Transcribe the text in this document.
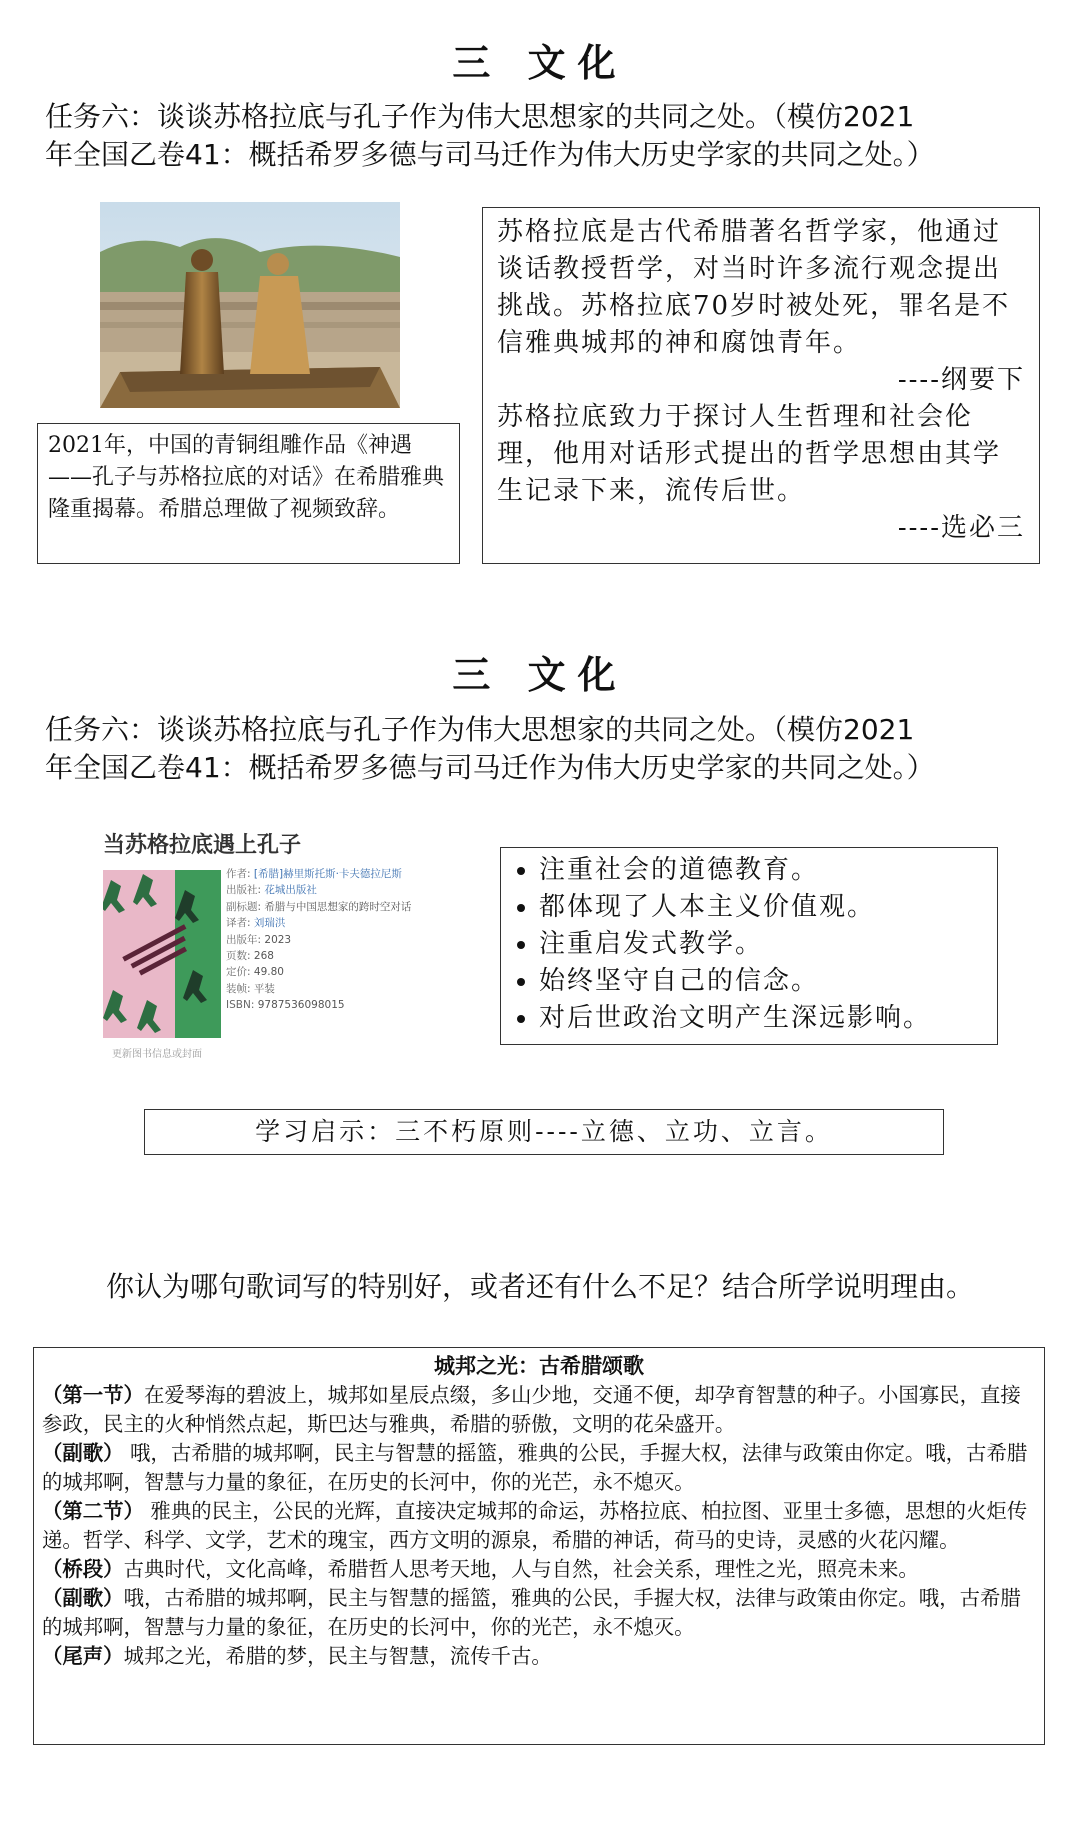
三 文化
任务六：谈谈苏格拉底与孔子作为伟大思想家的共同之处。（模仿2021
年全国乙卷41：概括希罗多德与司马迁作为伟大历史学家的共同之处。）
2021年，中国的青铜组雕作品《神遇——孔子与苏格拉底的对话》在希腊雅典隆重揭幕。希腊总理做了视频致辞。
苏格拉底是古代希腊著名哲学家，他通过谈话教授哲学，对当时许多流行观念提出挑战。苏格拉底70岁时被处死，罪名是不信雅典城邦的神和腐蚀青年。
----纲要下
苏格拉底致力于探讨人生哲理和社会伦理，他用对话形式提出的哲学思想由其学生记录下来，流传后世。
----选必三
三 文化
任务六：谈谈苏格拉底与孔子作为伟大思想家的共同之处。（模仿2021
年全国乙卷41：概括希罗多德与司马迁作为伟大历史学家的共同之处。）
当苏格拉底遇上孔子
作者: [希腊]赫里斯托斯·卡夫德拉尼斯
出版社: 花城出版社
副标题: 希腊与中国思想家的跨时空对话
译者: 刘瑞洪
出版年: 2023
页数: 268
定价: 49.80
装帧: 平装
ISBN: 9787536098015
更新图书信息或封面
• 注重社会的道德教育。
• 都体现了人本主义价值观。
• 注重启发式教学。
• 始终坚守自己的信念。
• 对后世政治文明产生深远影响。
学习启示：三不朽原则----立德、立功、立言。
你认为哪句歌词写的特别好，或者还有什么不足？结合所学说明理由。
城邦之光：古希腊颂歌

（第一节）在爱琴海的碧波上，城邦如星辰点缀，多山少地，交通不便，却孕育智慧的种子。小国寡民，直接参政，民主的火种悄然点起，斯巴达与雅典，希腊的骄傲，文明的花朵盛开。

（副歌） 哦，古希腊的城邦啊，民主与智慧的摇篮，雅典的公民，手握大权，法律与政策由你定。哦，古希腊的城邦啊，智慧与力量的象征，在历史的长河中，你的光芒，永不熄灭。

（第二节） 雅典的民主，公民的光辉，直接决定城邦的命运，苏格拉底、柏拉图、亚里士多德，思想的火炬传递。哲学、科学、文学，艺术的瑰宝，西方文明的源泉，希腊的神话，荷马的史诗，灵感的火花闪耀。

（桥段）古典时代，文化高峰，希腊哲人思考天地，人与自然，社会关系，理性之光，照亮未来。

（副歌）哦，古希腊的城邦啊，民主与智慧的摇篮，雅典的公民，手握大权，法律与政策由你定。哦，古希腊的城邦啊，智慧与力量的象征，在历史的长河中，你的光芒，永不熄灭。

（尾声）城邦之光，希腊的梦，民主与智慧，流传千古。
